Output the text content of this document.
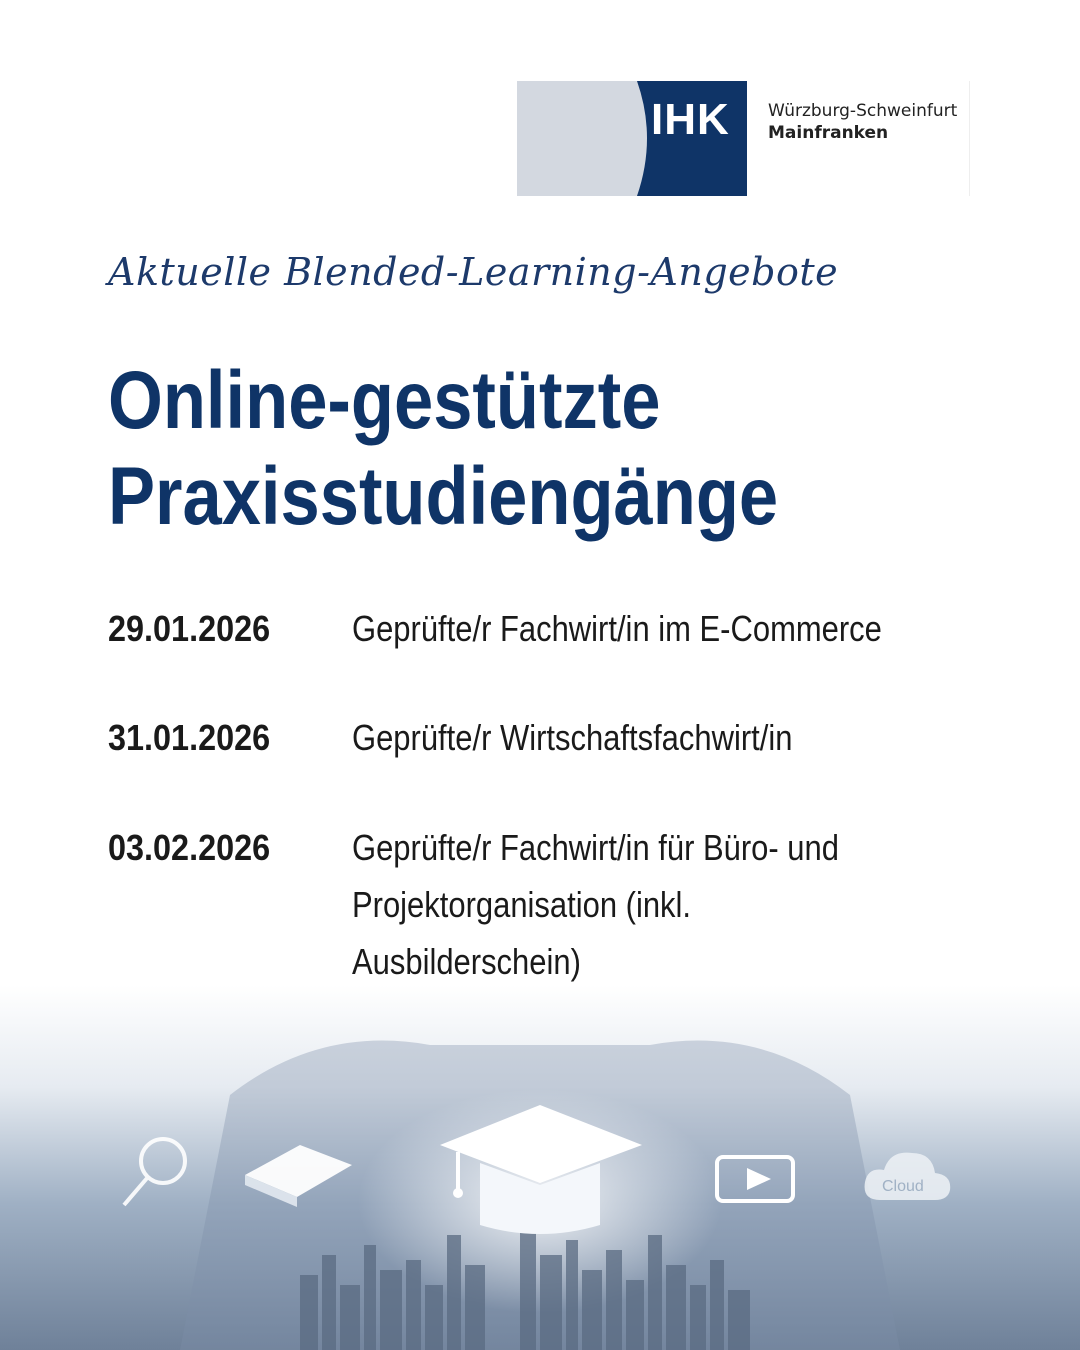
IHK Würzburg-Schweinfurt
Mainfranken
Aktuelle Blended-Learning-Angebote
Online-gestützte
Praxisstudiengänge
29.01.2026 Geprüfte/r Fachwirt/in im E-Commerce
31.01.2026 Geprüfte/r Wirtschaftsfachwirt/in
03.02.2026 Geprüfte/r Fachwirt/in für Büro- und Projektorganisation (inkl. Ausbilderschein)
Cloud
